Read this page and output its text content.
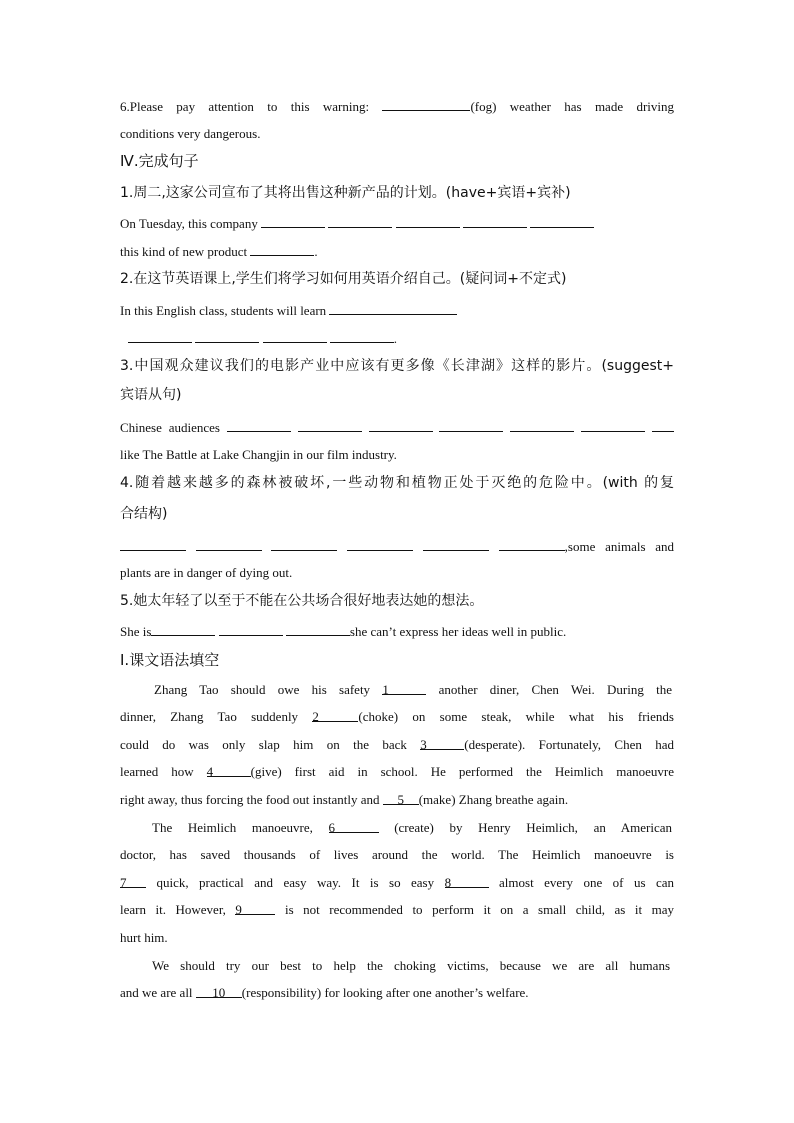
6.Please pay attention to this warning:	(fog) weather has made driving
conditions very dangerous.
Ⅳ.完成句子
1.周二,这家公司宣布了其将出售这种新产品的计划。(have+宾语+宾补)
On Tuesday, this company
this kind of new product	.
2.在这节英语课上,学生们将学习如何用英语介绍自己。(疑问词+不定式)
In this English class, students will learn
.
3.中国观众建议我们的电影产业中应该有更多像《长津湖》这样的影片。(suggest+
宾语从句)
Chinese audiences
like The Battle at Lake Changjin in our film industry.
4.随着越来越多的森林被破坏,一些动物和植物正处于灭绝的危险中。(with 的复
合结构)
,some animals and
plants are in danger of dying out.
5.她太年轻了以至于不能在公共场合很好地表达她的想法。
She is	she can’t express her ideas well in public.
Ⅰ.课文语法填空
Zhang Tao should owe his safety 1	another diner, Chen Wei. During the
dinner, Zhang Tao suddenly 2	(choke) on some steak, while what his friends
could do was only slap him on the back 3	(desperate). Fortunately, Chen had
learned how 4	(give) first aid in school. He performed the Heimlich manoeuvre
right away, thus forcing the food out instantly and 5 (make) Zhang breathe again.
The Heimlich manoeuvre, 6	(create) by Henry Heimlich, an American
doctor, has saved thousands of lives around the world. The Heimlich manoeuvre is
7 quick, practical and easy way. It is so easy 8	almost every one of us can
learn it. However, 9	is not recommended to perform it on a small child, as it may
hurt him.
We should try our best to help the choking victims, because we are all humans
and we are all 10 (responsibility) for looking after one another’s welfare.
